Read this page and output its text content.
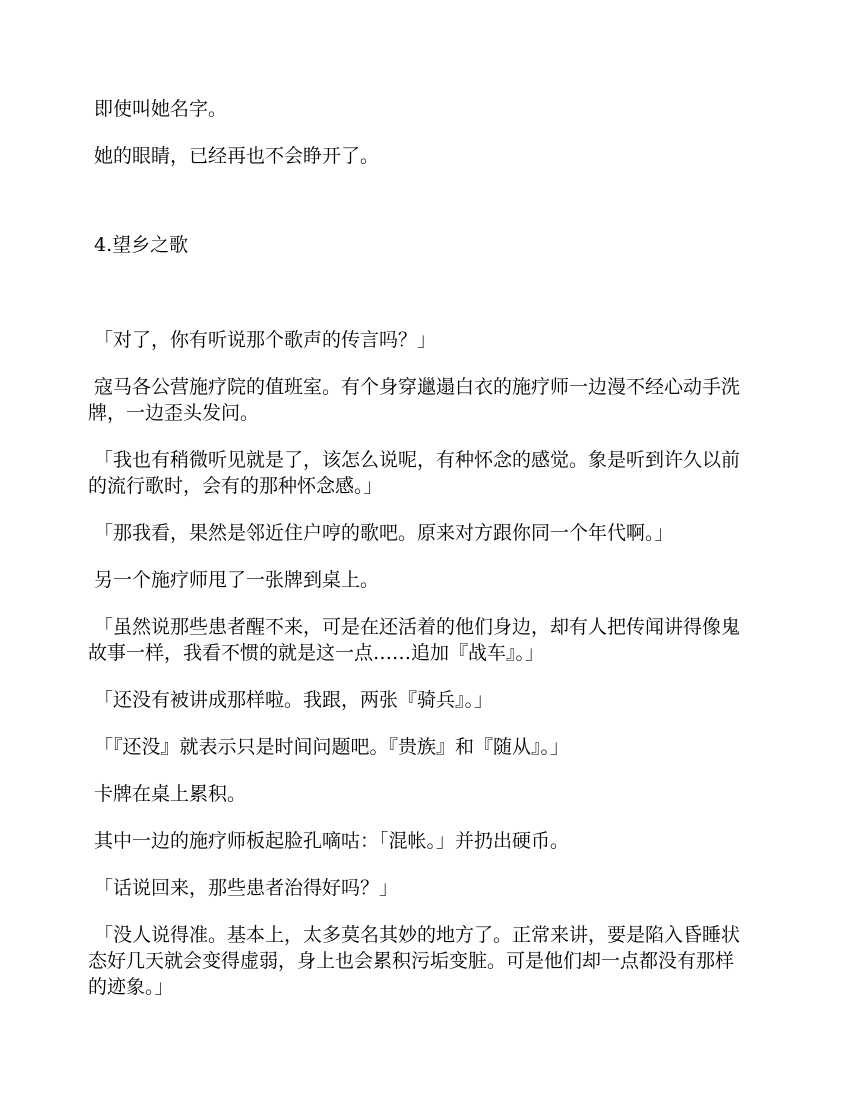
即使叫她名字。

她的眼睛，已经再也不会睁开了。

4.望乡之歌

「对了，你有听说那个歌声的传言吗？」

寇马各公营施疗院的值班室。有个身穿邋遢白衣的施疗师一边漫不经心动手洗牌，一边歪头发问。

「我也有稍微听见就是了，该怎么说呢，有种怀念的感觉。象是听到许久以前的流行歌时，会有的那种怀念感。」

「那我看，果然是邻近住户哼的歌吧。原来对方跟你同一个年代啊。」

另一个施疗师甩了一张牌到桌上。

「虽然说那些患者醒不来，可是在还活着的他们身边，却有人把传闻讲得像鬼故事一样，我看不惯的就是这一点……追加『战车』。」

「还没有被讲成那样啦。我跟，两张『骑兵』。」

「『还没』就表示只是时间问题吧。『贵族』和『随从』。」

卡牌在桌上累积。

其中一边的施疗师板起脸孔嘀咕：「混帐。」并扔出硬币。

「话说回来，那些患者治得好吗？」

「没人说得准。基本上，太多莫名其妙的地方了。正常来讲，要是陷入昏睡状态好几天就会变得虚弱，身上也会累积污垢变脏。可是他们却一点都没有那样的迹象。」
